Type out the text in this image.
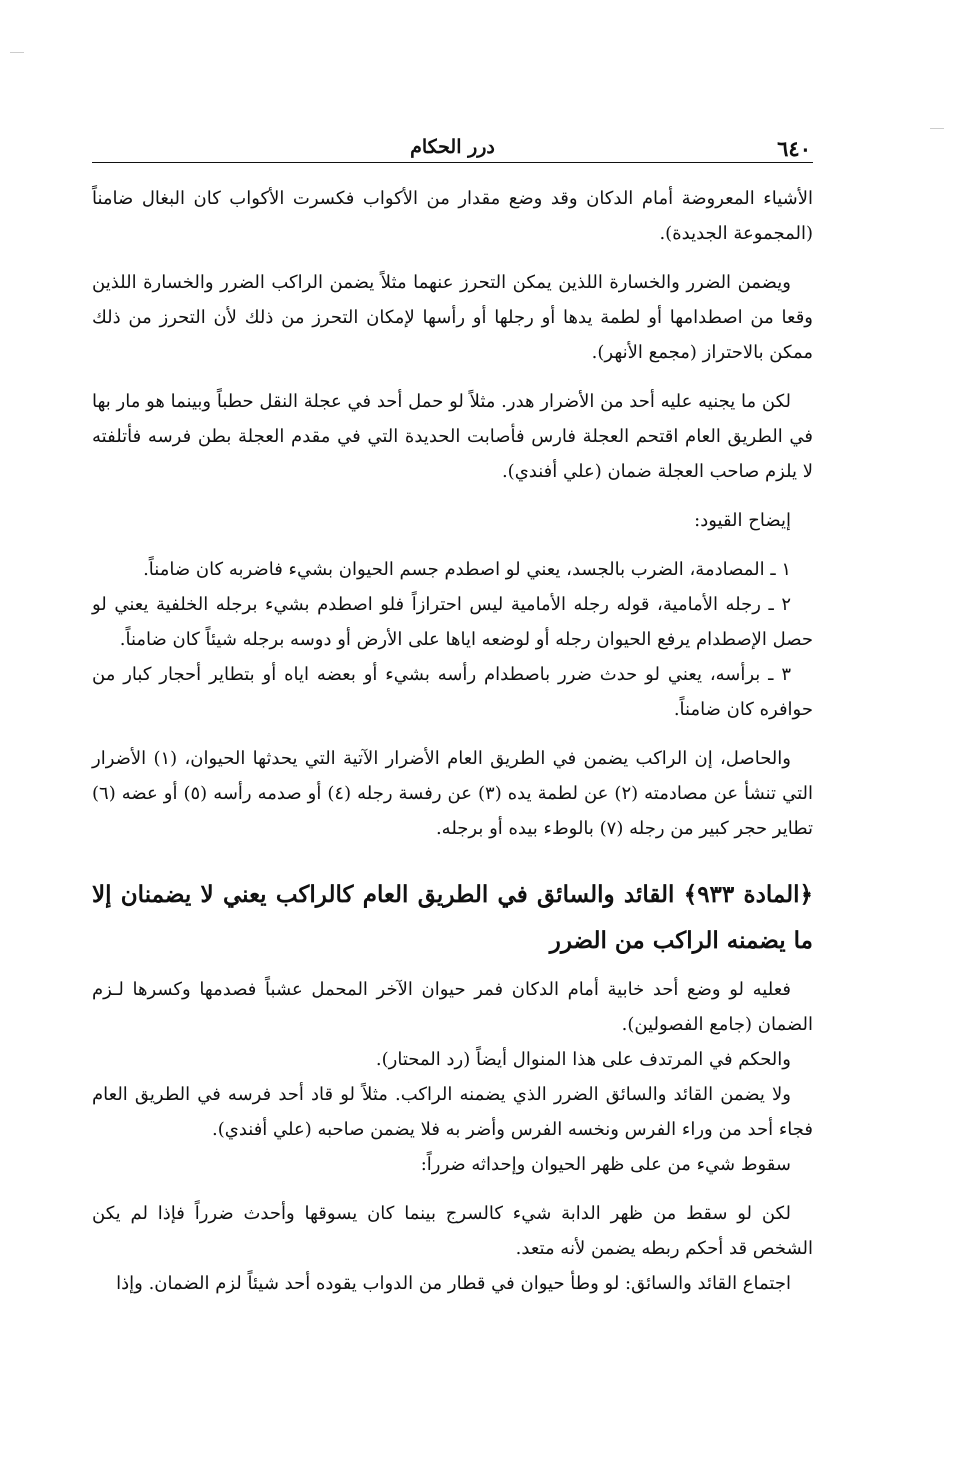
٦٤٠
درر الحكام

الأشياء المعروضة أمام الدكان وقد وضع مقدار من الأكواب فكسرت الأكواب كان البغال ضامناً (المجموعة الجديدة).

ويضمن الضرر والخسارة اللذين يمكن التحرز عنهما مثلاً يضمن الراكب الضرر والخسارة اللذين وقعا من اصطدامها أو لطمة يدها أو رجلها أو رأسها لإمكان التحرز من ذلك لأن التحرز من ذلك ممكن بالاحتراز (مجمع الأنهر).

لكن ما يجنيه عليه أحد من الأضرار هدر. مثلاً لو حمل أحد في عجلة النقل حطباً وبينما هو مار بها في الطريق العام اقتحم العجلة فارس فأصابت الحديدة التي في مقدم العجلة بطن فرسه فأتلفته لا يلزم صاحب العجلة ضمان (علي أفندي).

إيضاح القيود:

١ ـ المصادمة، الضرب بالجسد، يعني لو اصطدم جسم الحيوان بشيء فاضربه كان ضامناً.

٢ ـ رجله الأمامية، قوله رجله الأمامية ليس احترازاً فلو اصطدم بشيء برجله الخلفية يعني لو حصل الإصطدام يرفع الحيوان رجله أو لوضعه اياها على الأرض أو دوسه برجله شيئاً كان ضامناً.

٣ ـ برأسه، يعني لو حدث ضرر باصطدام رأسه بشيء أو بعضه اياه أو بتطاير أحجار كبار من حوافره كان ضامناً.

والحاصل، إن الراكب يضمن في الطريق العام الأضرار الآتية التي يحدثها الحيوان، (١) الأضرار التي تنشأ عن مصادمته (٢) عن لطمة يده (٣) عن رفسة رجله (٤) أو صدمه رأسه (٥) أو عضه (٦) تطاير حجر كبير من رجله (٧) بالوطء بيده أو برجله.

﴿المادة ٩٣٣﴾ القائد والسائق في الطريق العام كالراكب يعني لا يضمنان إلا ما يضمنه الراكب من الضرر

فعليه لو وضع أحد خابية أمام الدكان فمر حيوان الآخر المحمل عشباً فصدمها وكسرها لـزم الضمان (جامع الفصولين).

والحكم في المرتدف على هذا المنوال أيضاً (رد المحتار).

ولا يضمن القائد والسائق الضرر الذي يضمنه الراكب. مثلاً لو قاد أحد فرسه في الطريق العام فجاء أحد من وراء الفرس ونخسه الفرس وأضر به فلا يضمن صاحبه (علي أفندي).

سقوط شيء من على ظهر الحيوان وإحداثه ضرراً:

لكن لو سقط من ظهر الدابة شيء كالسرج بينما كان يسوقها وأحدث ضرراً فإذا لم يكن الشخص قد أحكم ربطه يضمن لأنه متعد.

اجتماع القائد والسائق: لو وطأ حيوان في قطار من الدواب يقوده أحد شيئاً لزم الضمان. وإذا
